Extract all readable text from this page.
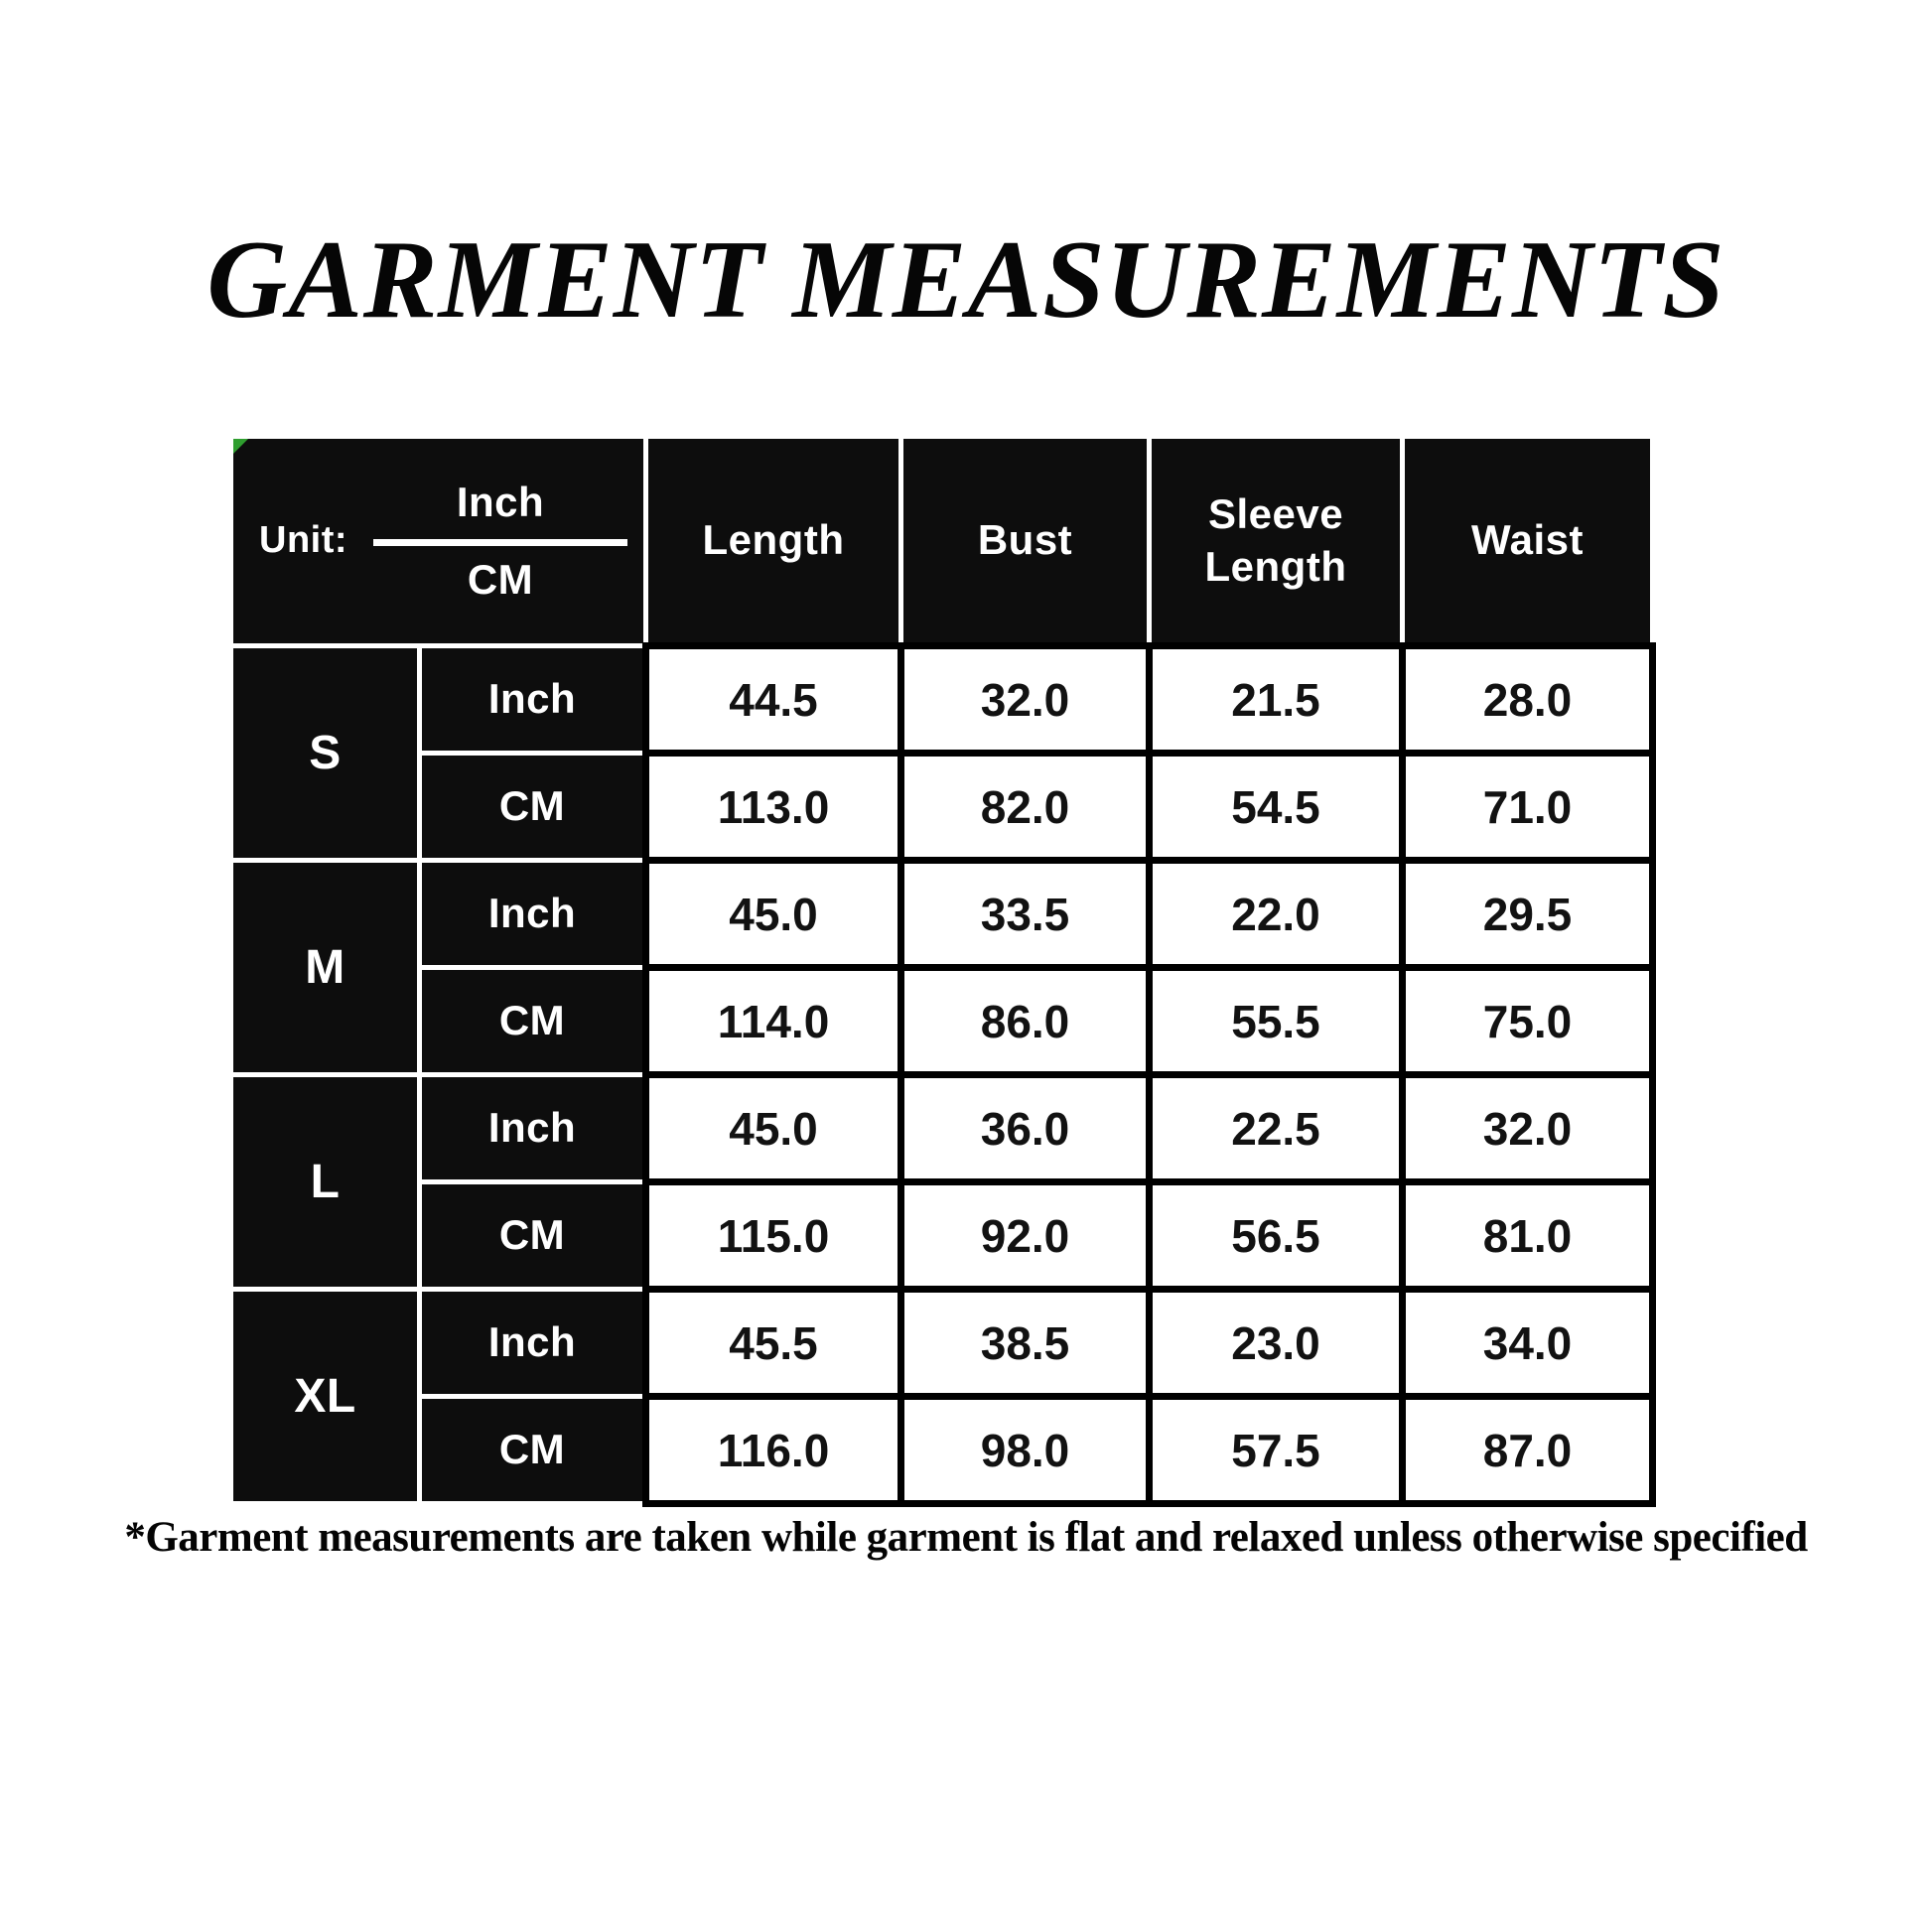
GARMENT MEASUREMENTS
Unit: $\frac{\text{Inch}}{CM}$		Length	Bust	Sleeve Length	Waist
S	Inch	44.5	32.0	21.5	28.0
	CM	113.0	82.0	54.5	71.0
M	Inch	45.0	33.5	22.0	29.5
	CM	114.0	86.0	55.5	75.0
L	Inch	45.0	36.0	22.5	32.0
	CM	115.0	92.0	56.5	81.0
XL	Inch	45.5	38.5	23.0	34.0
	CM	116.0	98.0	57.5	87.0
*Garment measurements are taken while garment is flat and relaxed unless otherwise specified
